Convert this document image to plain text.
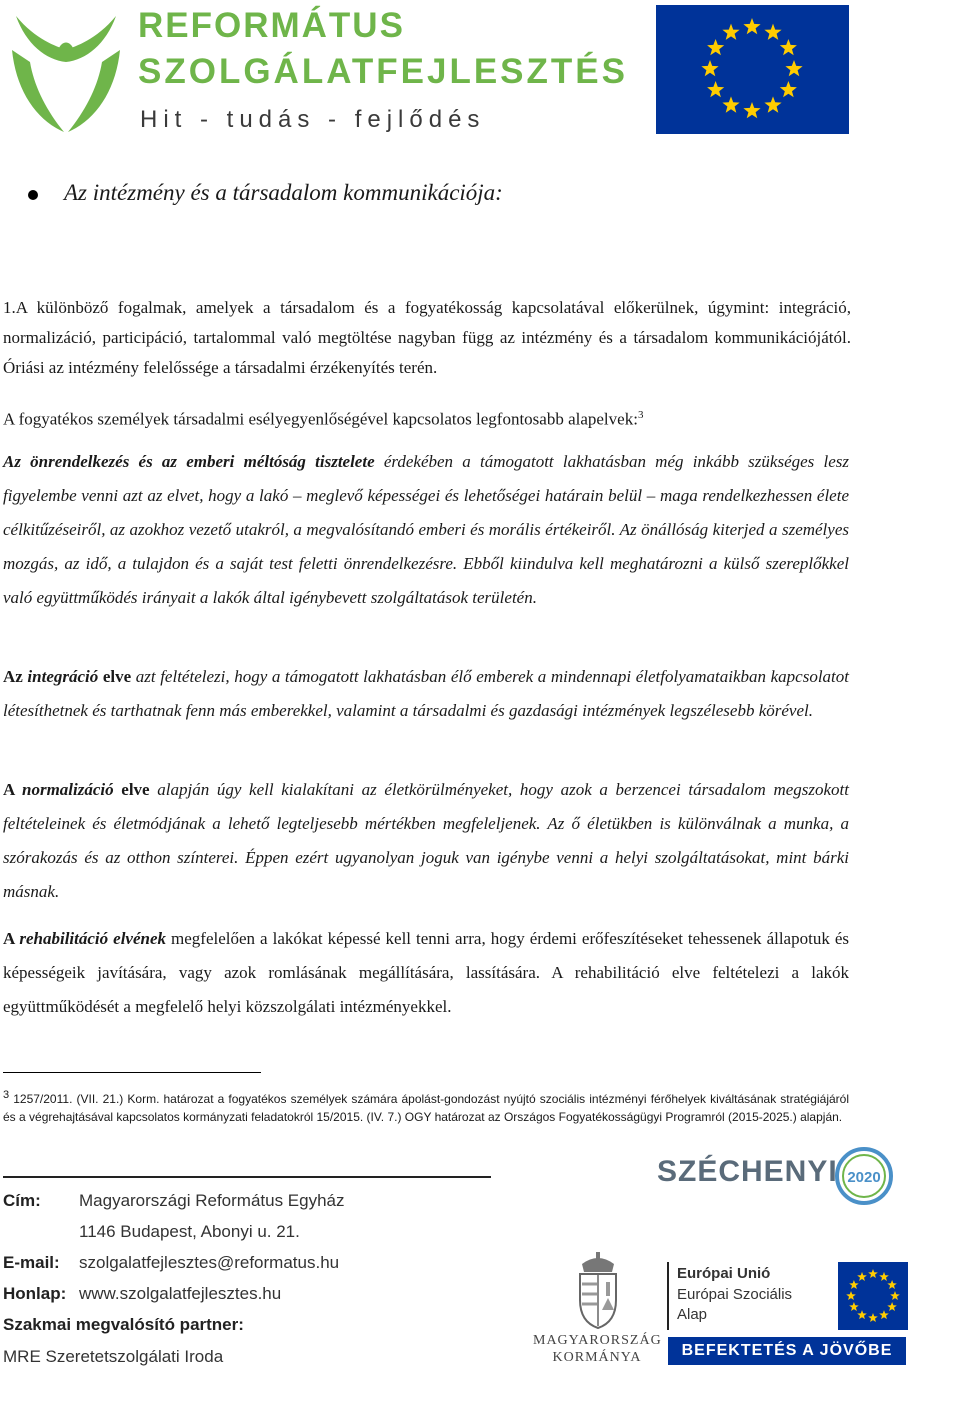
REFORMÁTUS
SZOLGÁLATFEJLESZTÉS
Hit - tudás - fejlődés
Az intézmény és a társadalom kommunikációja:
1.A különböző fogalmak, amelyek a társadalom és a fogyatékosság kapcsolatával előkerülnek, úgymint: integráció, normalizáció, participáció, tartalommal való megtöltése nagyban függ az intézmény és a társadalom kommunikációjától. Óriási az intézmény felelőssége a társadalmi érzékenyítés terén.
A fogyatékos személyek társadalmi esélyegyenlőségével kapcsolatos legfontosabb alapelvek:$^3$
Az önrendelkezés és az emberi méltóság tisztelete érdekében a támogatott lakhatásban még inkább szükséges lesz figyelembe venni azt az elvet, hogy a lakó – meglevő képességei és lehetőségei határain belül – maga rendelkezhessen élete célkitűzéseiről, az azokhoz vezető utakról, a megvalósítandó emberi és morális értékeiről. Az önállóság kiterjed a személyes mozgás, az idő, a tulajdon és a saját test feletti önrendelkezésre. Ebből kiindulva kell meghatározni a külső szereplőkkel való együttműködés irányait a lakók által igénybevett szolgáltatások területén.
Az integráció elve azt feltételezi, hogy a támogatott lakhatásban élő emberek a mindennapi életfolyamataikban kapcsolatot létesíthetnek és tarthatnak fenn más emberekkel, valamint a társadalmi és gazdasági intézmények legszélesebb körével.
A normalizáció elve alapján úgy kell kialakítani az életkörülményeket, hogy azok a berzencei társadalom megszokott feltételeinek és életmódjának a lehető legteljesebb mértékben megfeleljenek. Az ő életükben is különválnak a munka, a szórakozás és az otthon színterei. Éppen ezért ugyanolyan joguk van igénybe venni a helyi szolgáltatásokat, mint bárki másnak.
A rehabilitáció elvének megfelelően a lakókat képessé kell tenni arra, hogy érdemi erőfeszítéseket tehessenek állapotuk és képességeik javítására, vagy azok romlásának megállítására, lassítására. A rehabilitáció elve feltételezi a lakók együttműködését a megfelelő helyi közszolgálati intézményekkel.
$^3$ 1257/2011. (VII. 21.) Korm. határozat a fogyatékos személyek számára ápolást-gondozást nyújtó szociális intézményi férőhelyek kiváltásának stratégiájáról és a végrehajtásával kapcsolatos kormányzati feladatokról 15/2015. (IV. 7.) OGY határozat az Országos Fogyatékosságügyi Programról (2015-2025.) alapján.
Cím: Magyarországi Református Egyház
1146 Budapest, Abonyi u. 21.
E-mail: szolgalatfejlesztes@reformatus.hu
Honlap: www.szolgalatfejlesztes.hu
Szakmai megvalósító partner:
MRE Szeretetszolgálati Iroda
SZÉCHENYI 2020
MAGYARORSZÁG
KORMÁNYA
Európai Unió
Európai Szociális
Alap
BEFEKTETÉS A JÖVŐBE
